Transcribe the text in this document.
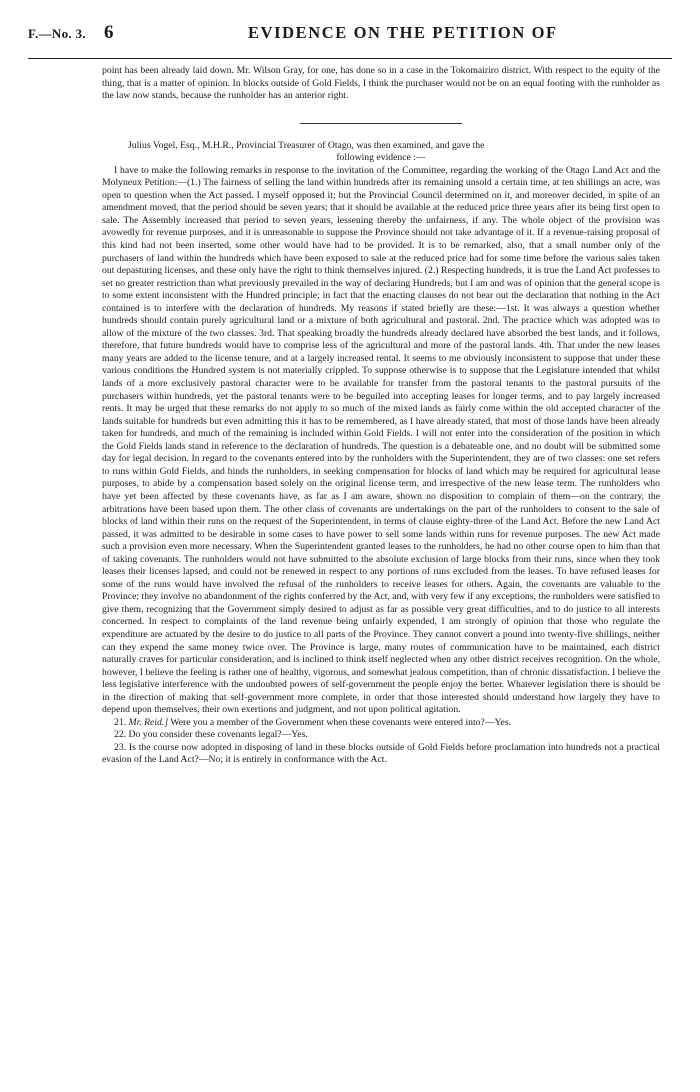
F.—No. 3. 6	EVIDENCE ON THE PETITION OF

point has been already laid down. Mr. Wilson Gray, for one, has done so in a case in the Tokomairiro district. With respect to the equity of the thing, that is a matter of opinion. In blocks outside of Gold Fields, I think the purchaser would not be on an equal footing with the runholder as the law now stands, because the runholder has an anterior right.

Julius Vogel, Esq., M.H.R., Provincial Treasurer of Otago, was then examined, and gave the

following evidence :—

I have to make the following remarks in response to the invitation of the Committee, regarding the working of the Otago Land Act and the Molyneux Petition:—(1.) The fairness of selling the land within hundreds after its remaining unsold a certain time, at ten shillings an acre, was open to question when the Act passed. I myself opposed it; but the Provincial Council determined on it, and moreover decided, in spite of an amendment moved, that the period should be seven years; that it should be available at the reduced price three years after its being first open to sale. The Assembly increased that period to seven years, lessening thereby the unfairness, if any. The whole object of the provision was avowedly for revenue purposes, and it is unreasonable to suppose the Province should not take advantage of it. If a revenue-raising proposal of this kind had not been inserted, some other would have had to be provided. It is to be remarked, also, that a small number only of the purchasers of land within the hundreds which have been exposed to sale at the reduced price had for some time before the various sales taken out depasturing licenses, and these only have the right to think themselves injured. (2.) Respecting hundreds, it is true the Land Act professes to set no greater restriction than what previously prevailed in the way of declaring Hundreds, but I am and was of opinion that the general scope is to some extent inconsistent with the Hundred principle; in fact that the enacting clauses do not bear out the declaration that nothing in the Act contained is to interfere with the declaration of hundreds. My reasons if stated briefly are these:—1st. It was always a question whether hundreds should contain purely agricultural land or a mixture of both agricultural and pastoral. 2nd. The practice which was adopted was to allow of the mixture of the two classes. 3rd. That speaking broadly the hundreds already declared have absorbed the best lands, and it follows, therefore, that future hundreds would have to comprise less of the agricultural and more of the pastoral lands. 4th. That under the new leases many years are added to the license tenure, and at a largely increased rental. It seems to me obviously inconsistent to suppose that under these various conditions the Hundred system is not materially crippled. To suppose otherwise is to suppose that the Legislature intended that whilst lands of a more exclusively pastoral character were to be available for transfer from the pastoral tenants to the pastoral pursuits of the purchasers within hundreds, yet the pastoral tenants were to be beguiled into accepting leases for longer terms, and to pay largely increased rents. It may be urged that these remarks do not apply to so much of the mixed lands as fairly come within the old accepted character of the lands suitable for hundreds but even admitting this it has to be remembered, as I have already stated, that most of those lands have been already taken for hundreds, and much of the remaining is included within Gold Fields. I will not enter into the consideration of the position in which the Gold Fields lands stand in reference to the declaration of hundreds. The question is a debateable one, and no doubt will be submitted some day for legal decision. In regard to the covenants entered into by the runholders with the Superintendent, they are of two classes: one set refers to runs within Gold Fields, and binds the runholders, in seeking compensation for blocks of land which may be required for agricultural lease purposes, to abide by a compensation based solely on the original license term, and irrespective of the new lease term. The runholders who have yet been affected by these covenants have, as far as I am aware, shown no disposition to complain of them—on the contrary, the arbitrations have been based upon them. The other class of covenants are undertakings on the part of the runholders to consent to the sale of blocks of land within their runs on the request of the Superintendent, in terms of clause eighty-three of the Land Act. Before the new Land Act passed, it was admitted to be desirable in some cases to have power to sell some lands within runs for revenue purposes. The new Act made such a provision even more necessary. When the Superintendent granted leases to the runholders, he had no other course open to him than that of taking covenants. The runholders would not have submitted to the absolute exclusion of large blocks from their runs, since when they took leases their licenses lapsed, and could not be renewed in respect to any portions of runs excluded from the leases. To have refused leases for some of the runs would have involved the refusal of the runholders to receive leases for others. Again, the covenants are valuable to the Province; they involve no abandonment of the rights conferred by the Act, and, with very few if any exceptions, the runholders were satisfied to give them, recognizing that the Government simply desired to adjust as far as possible very great difficulties, and to do justice to all interests concerned. In respect to complaints of the land revenue being unfairly expended, I am strongly of opinion that those who regulate the expenditure are actuated by the desire to do justice to all parts of the Province. They cannot convert a pound into twenty-five shillings, neither can they expend the same money twice over. The Province is large, many routes of communication have to be maintained, each district naturally craves for particular consideration, and is inclined to think itself neglected when any other district receives recognition. On the whole, however, I believe the feeling is rather one of healthy, vigorous, and somewhat jealous competition, than of chronic dissatisfaction. I believe the less legislative interference with the undoubted powers of self-government the people enjoy the better. Whatever legislation there is should be in the direction of making that self-government more complete, in order that those interested should understand how largely they have to depend upon themselves, their own exertions and judgment, and not upon political agitation.

21. Mr. Reid.] Were you a member of the Government when these covenants were entered into?—Yes.

22. Do you consider these covenants legal?—Yes.

23. Is the course now adopted in disposing of land in these blocks outside of Gold Fields before proclamation into hundreds not a practical evasion of the Land Act?—No; it is entirely in conformance with the Act.
